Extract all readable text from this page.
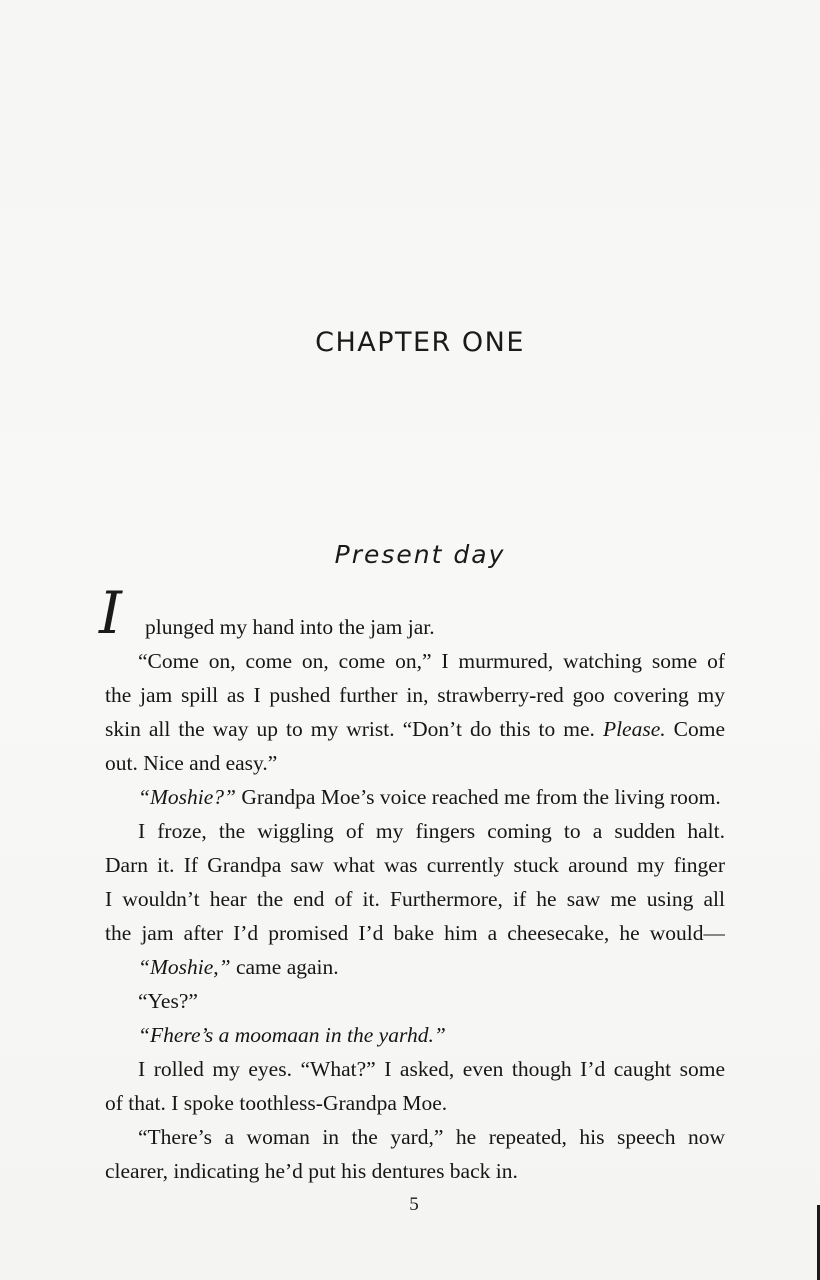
CHAPTER ONE
Present day
I plunged my hand into the jam jar.
“Come on, come on, come on,” I murmured, watching some of
the jam spill as I pushed further in, strawberry-red goo covering my
skin all the way up to my wrist. “Don’t do this to me. Please. Come
out. Nice and easy.”
“Moshie?” Grandpa Moe’s voice reached me from the living room.
I froze, the wiggling of my fingers coming to a sudden halt.
Darn it. If Grandpa saw what was currently stuck around my finger
I wouldn’t hear the end of it. Furthermore, if he saw me using all
the jam after I’d promised I’d bake him a cheesecake, he would—
“Moshie,” came again.
“Yes?”
“Fhere’s a moomaan in the yarhd.”
I rolled my eyes. “What?” I asked, even though I’d caught some
of that. I spoke toothless-Grandpa Moe.
“There’s a woman in the yard,” he repeated, his speech now
clearer, indicating he’d put his dentures back in.
5
